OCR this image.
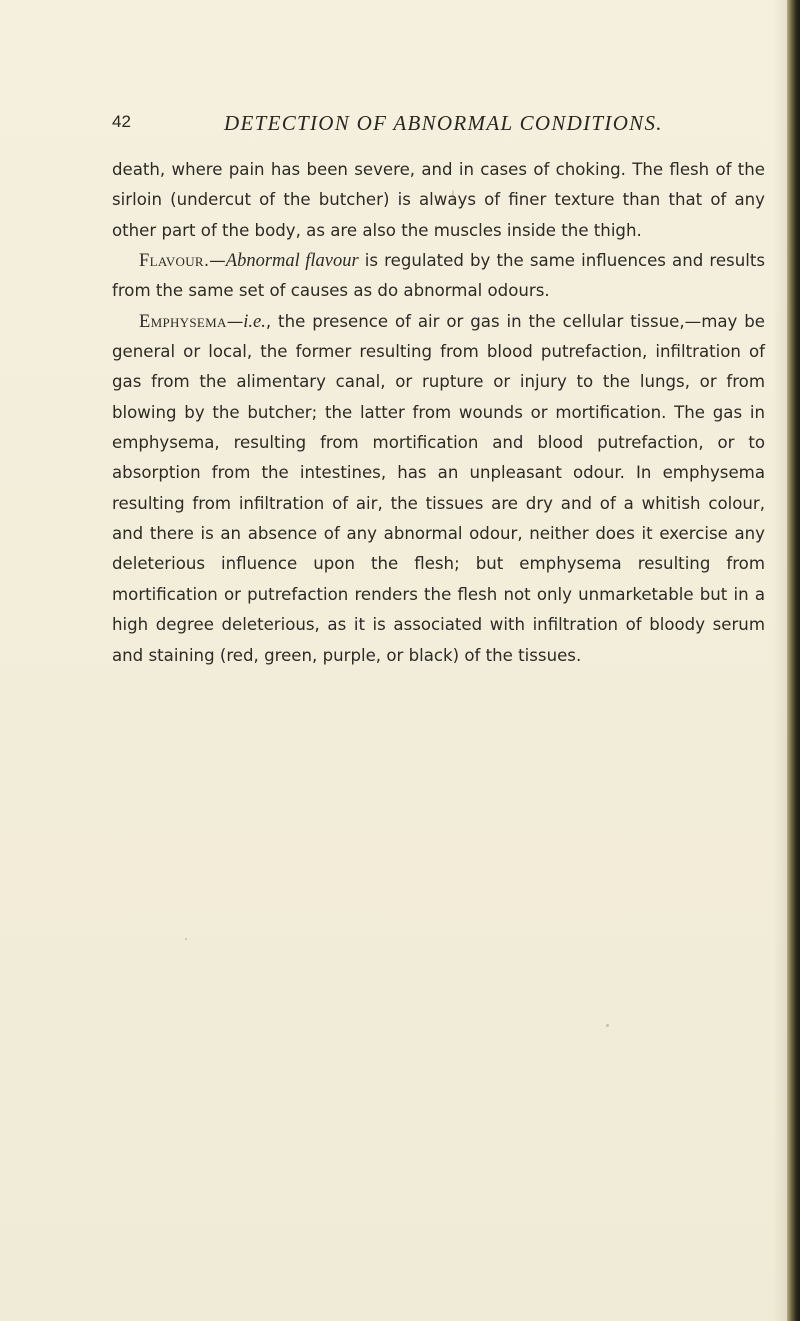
42	DETECTION OF ABNORMAL CONDITIONS.

death, where pain has been severe, and in cases of choking. The flesh of the sirloin (undercut of the butcher) is always of finer texture than that of any other part of the body, as are also the muscles inside the thigh.

Flavour.—Abnormal flavour is regulated by the same influences and results from the same set of causes as do abnormal odours.

Emphysema—i.e., the presence of air or gas in the cellular tissue,—may be general or local, the former resulting from blood putrefaction, infiltration of gas from the alimentary canal, or rupture or injury to the lungs, or from blowing by the butcher; the latter from wounds or mortification. The gas in emphysema, resulting from mortification and blood putrefaction, or to absorption from the intestines, has an unpleasant odour. In emphysema resulting from infiltration of air, the tissues are dry and of a whitish colour, and there is an absence of any abnormal odour, neither does it exercise any deleterious influence upon the flesh; but emphysema resulting from mortification or putrefaction renders the flesh not only unmarketable but in a high degree deleterious, as it is associated with infiltration of bloody serum and staining (red, green, purple, or black) of the tissues.
